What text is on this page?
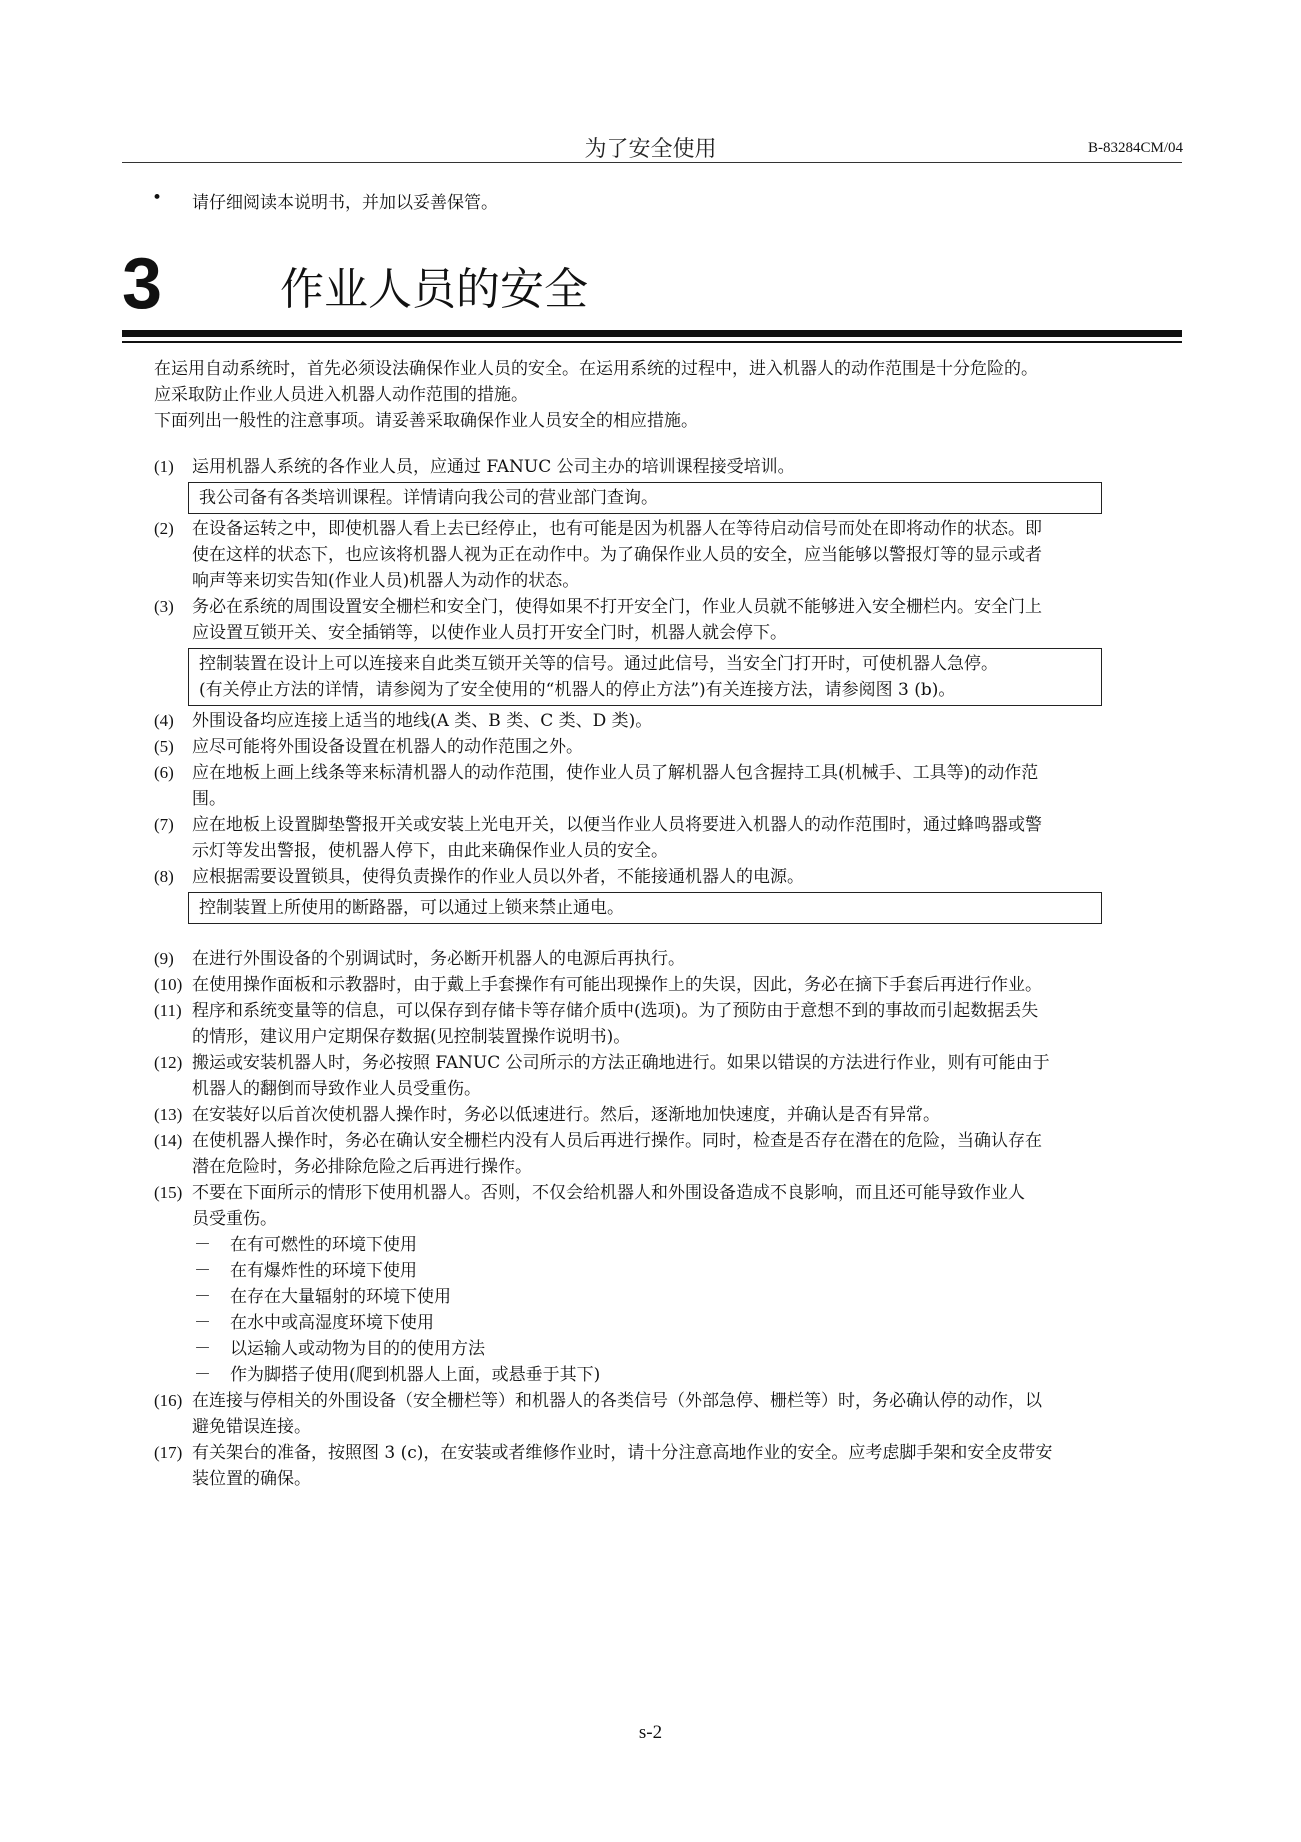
为了安全使用	B-83284CM/04
• 请仔细阅读本说明书，并加以妥善保管。
3	作业人员的安全

在运用自动系统时，首先必须设法确保作业人员的安全。在运用系统的过程中，进入机器人的动作范围是十分危险的。

应采取防止作业人员进入机器人动作范围的措施。

下面列出一般性的注意事项。请妥善采取确保作业人员安全的相应措施。

(1)	运用机器人系统的各作业人员，应通过 FANUC 公司主办的培训课程接受培训。
我公司备有各类培训课程。详情请向我公司的营业部门查询。
(2)	在设备运转之中，即使机器人看上去已经停止，也有可能是因为机器人在等待启动信号而处在即将动作的状态。即
使在这样的状态下，也应该将机器人视为正在动作中。为了确保作业人员的安全，应当能够以警报灯等的显示或者
响声等来切实告知(作业人员)机器人为动作的状态。
(3)	务必在系统的周围设置安全栅栏和安全门，使得如果不打开安全门，作业人员就不能够进入安全栅栏内。安全门上
应设置互锁开关、安全插销等，以使作业人员打开安全门时，机器人就会停下。
控制装置在设计上可以连接来自此类互锁开关等的信号。通过此信号，当安全门打开时，可使机器人急停。
(有关停止方法的详情，请参阅为了安全使用的“机器人的停止方法”)有关连接方法，请参阅图 3 (b)。
(4)	外围设备均应连接上适当的地线(A 类、B 类、C 类、D 类)。
(5)	应尽可能将外围设备设置在机器人的动作范围之外。
(6)	应在地板上画上线条等来标清机器人的动作范围，使作业人员了解机器人包含握持工具(机械手、工具等)的动作范
围。
(7)	应在地板上设置脚垫警报开关或安装上光电开关，以便当作业人员将要进入机器人的动作范围时，通过蜂鸣器或警
示灯等发出警报，使机器人停下，由此来确保作业人员的安全。
(8)	应根据需要设置锁具，使得负责操作的作业人员以外者，不能接通机器人的电源。
控制装置上所使用的断路器，可以通过上锁来禁止通电。
(9)	在进行外围设备的个别调试时，务必断开机器人的电源后再执行。
(10) 在使用操作面板和示教器时，由于戴上手套操作有可能出现操作上的失误，因此，务必在摘下手套后再进行作业。
(11) 程序和系统变量等的信息，可以保存到存储卡等存储介质中(选项)。为了预防由于意想不到的事故而引起数据丢失
的情形，建议用户定期保存数据(见控制装置操作说明书)。
(12) 搬运或安装机器人时，务必按照 FANUC 公司所示的方法正确地进行。如果以错误的方法进行作业，则有可能由于
机器人的翻倒而导致作业人员受重伤。
(13) 在安装好以后首次使机器人操作时，务必以低速进行。然后，逐渐地加快速度，并确认是否有异常。
(14) 在使机器人操作时，务必在确认安全栅栏内没有人员后再进行操作。同时，检查是否存在潜在的危险，当确认存在
潜在危险时，务必排除危险之后再进行操作。
(15) 不要在下面所示的情形下使用机器人。否则，不仅会给机器人和外围设备造成不良影响，而且还可能导致作业人
员受重伤。
－	在有可燃性的环境下使用
－	在有爆炸性的环境下使用
－	在存在大量辐射的环境下使用
－	在水中或高湿度环境下使用
－	以运输人或动物为目的的使用方法
－	作为脚搭子使用(爬到机器人上面，或悬垂于其下)
(16) 在连接与停相关的外围设备（安全栅栏等）和机器人的各类信号（外部急停、栅栏等）时，务必确认停的动作，以
避免错误连接。
(17) 有关架台的准备，按照图 3 (c)，在安装或者维修作业时，请十分注意高地作业的安全。应考虑脚手架和安全皮带安
装位置的确保。
s-2
